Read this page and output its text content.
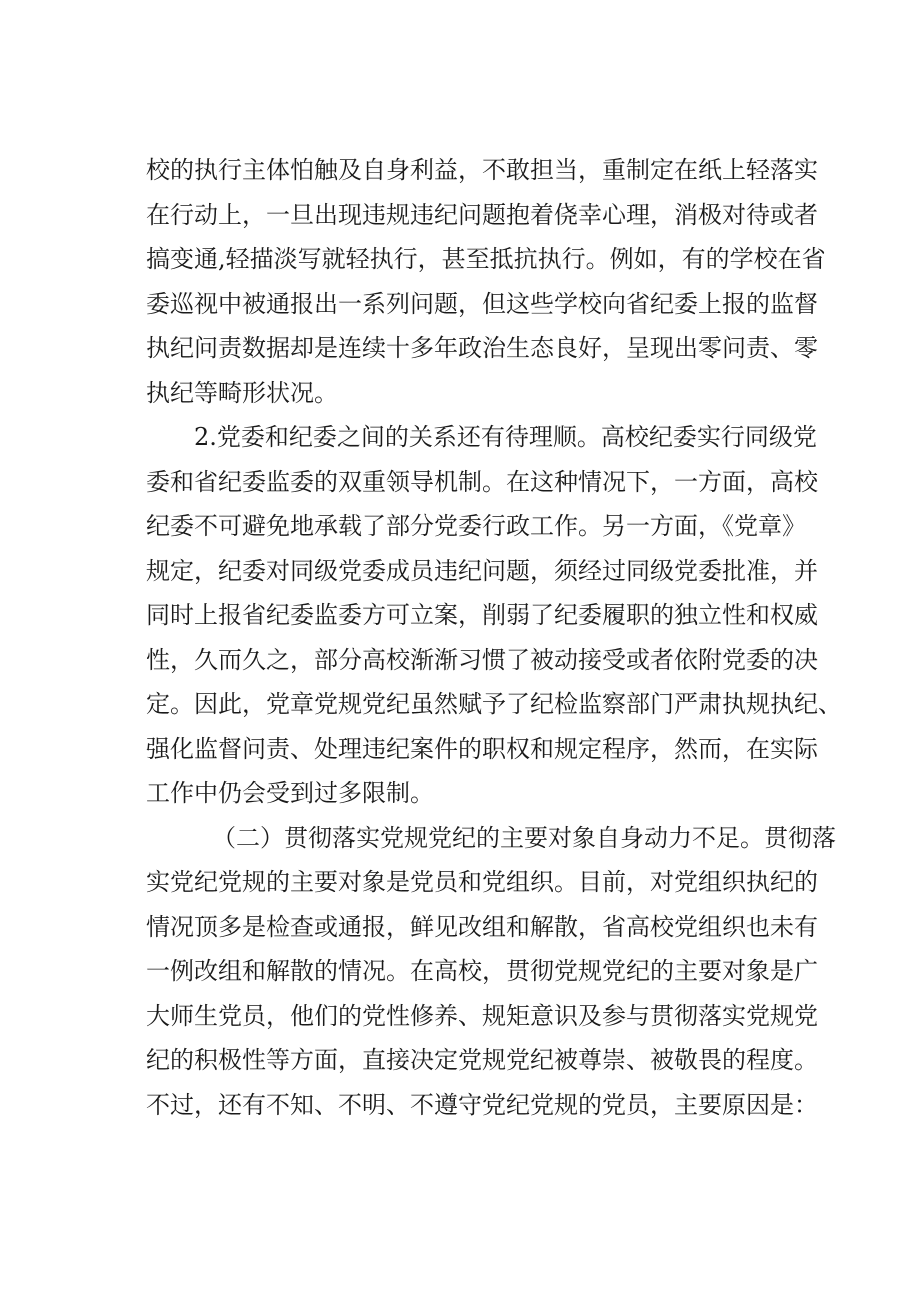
校的执行主体怕触及自身利益，不敢担当，重制定在纸上轻落实
在行动上，一旦出现违规违纪问题抱着侥幸心理，消极对待或者
搞变通,轻描淡写就轻执行，甚至抵抗执行。例如，有的学校在省
委巡视中被通报出一系列问题，但这些学校向省纪委上报的监督
执纪问责数据却是连续十多年政治生态良好，呈现出零问责、零
执纪等畸形状况。
2.党委和纪委之间的关系还有待理顺。高校纪委实行同级党
委和省纪委监委的双重领导机制。在这种情况下，一方面，高校
纪委不可避免地承载了部分党委行政工作。另一方面，《党章》
规定，纪委对同级党委成员违纪问题，须经过同级党委批准，并
同时上报省纪委监委方可立案，削弱了纪委履职的独立性和权威
性，久而久之，部分高校渐渐习惯了被动接受或者依附党委的决
定。因此，党章党规党纪虽然赋予了纪检监察部门严肃执规执纪、
强化监督问责、处理违纪案件的职权和规定程序，然而，在实际
工作中仍会受到过多限制。
（二）贯彻落实党规党纪的主要对象自身动力不足。贯彻落
实党纪党规的主要对象是党员和党组织。目前，对党组织执纪的
情况顶多是检查或通报，鲜见改组和解散，省高校党组织也未有
一例改组和解散的情况。在高校，贯彻党规党纪的主要对象是广
大师生党员，他们的党性修养、规矩意识及参与贯彻落实党规党
纪的积极性等方面，直接决定党规党纪被尊崇、被敬畏的程度。
不过，还有不知、不明、不遵守党纪党规的党员，主要原因是：
